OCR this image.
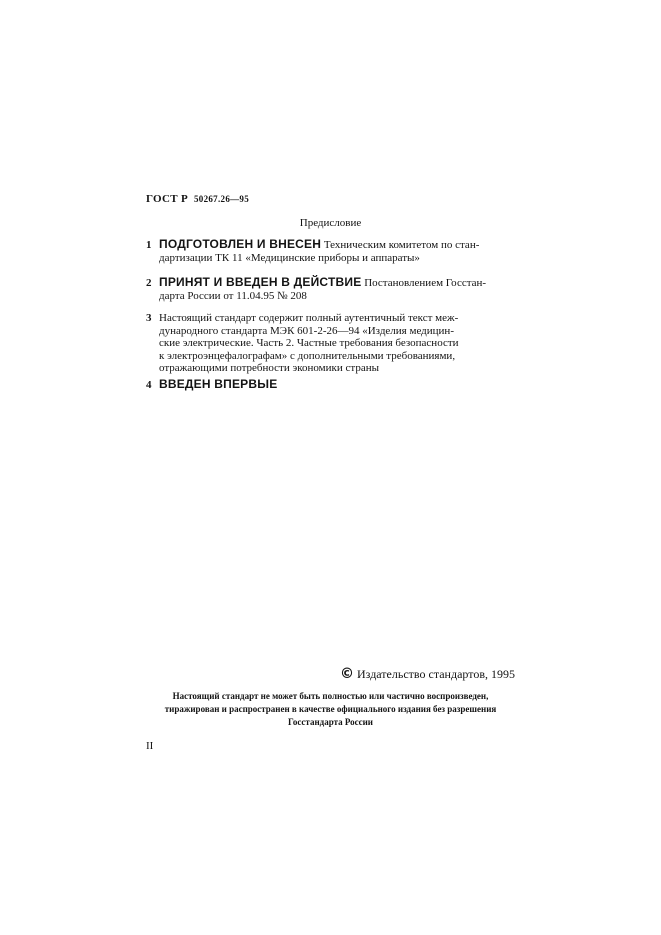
ГОСТ Р 50267.26—95
Предисловие
1 ПОДГОТОВЛЕН И ВНЕСЕН Техническим комитетом по стан-
дартизации ТК 11 «Медицинские приборы и аппараты»
2 ПРИНЯТ И ВВЕДЕН В ДЕЙСТВИЕ Постановлением Госстан-
дарта России от 11.04.95 № 208
3 Настоящий стандарт содержит полный аутентичный текст меж-
дународного стандарта МЭК 601-2-26—94 «Изделия медицин-
ские электрические. Часть 2. Частные требования безопасности
к электроэнцефалографам» с дополнительными требованиями,
отражающими потребности экономики страны
4 ВВЕДЕН ВПЕРВЫЕ
© Издательство стандартов, 1995
Настоящий стандарт не может быть полностью или частично воспроизведен,
тиражирован и распространен в качестве официального издания без разрешения
Госстандарта России
II
